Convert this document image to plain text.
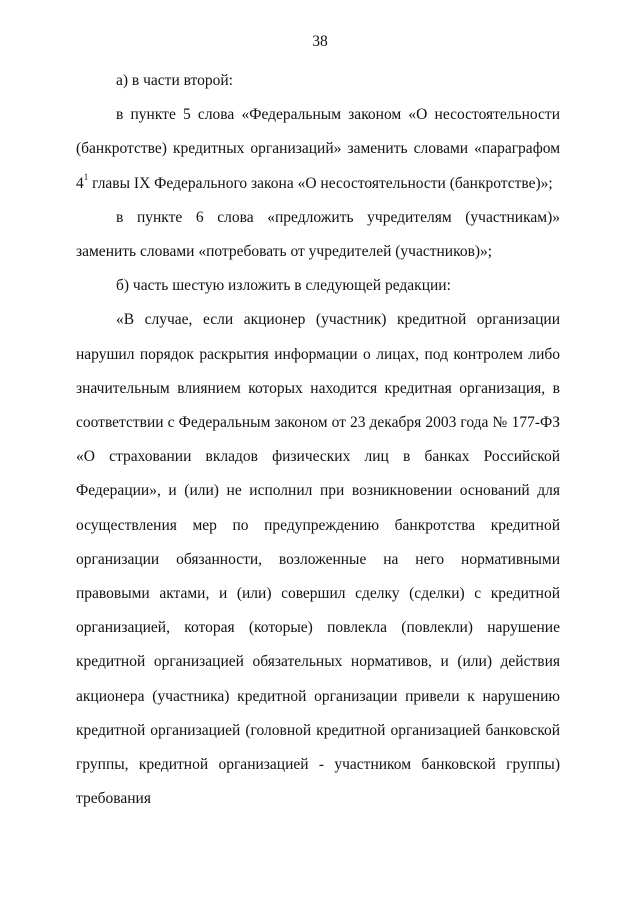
38

а) в части второй:

в пункте 5 слова «Федеральным законом «О несостоятельности (банкротстве) кредитных организаций» заменить словами «параграфом $4^1$ главы IX Федерального закона «О несостоятельности (банкротстве)»;

в пункте 6 слова «предложить учредителям (участникам)» заменить словами «потребовать от учредителей (участников)»;

б) часть шестую изложить в следующей редакции:

«В случае, если акционер (участник) кредитной организации нарушил порядок раскрытия информации о лицах, под контролем либо значительным влиянием которых находится кредитная организация, в соответствии с Федеральным законом от 23 декабря 2003 года № 177-ФЗ «О страховании вкладов физических лиц в банках Российской Федерации», и (или) не исполнил при возникновении оснований для осуществления мер по предупреждению банкротства кредитной организации обязанности, возложенные на него нормативными правовыми актами, и (или) совершил сделку (сделки) с кредитной организацией, которая (которые) повлекла (повлекли) нарушение кредитной организацией обязательных нормативов, и (или) действия акционера (участника) кредитной организации привели к нарушению кредитной организацией (головной кредитной организацией банковской группы, кредитной организацией - участником банковской группы) требования
